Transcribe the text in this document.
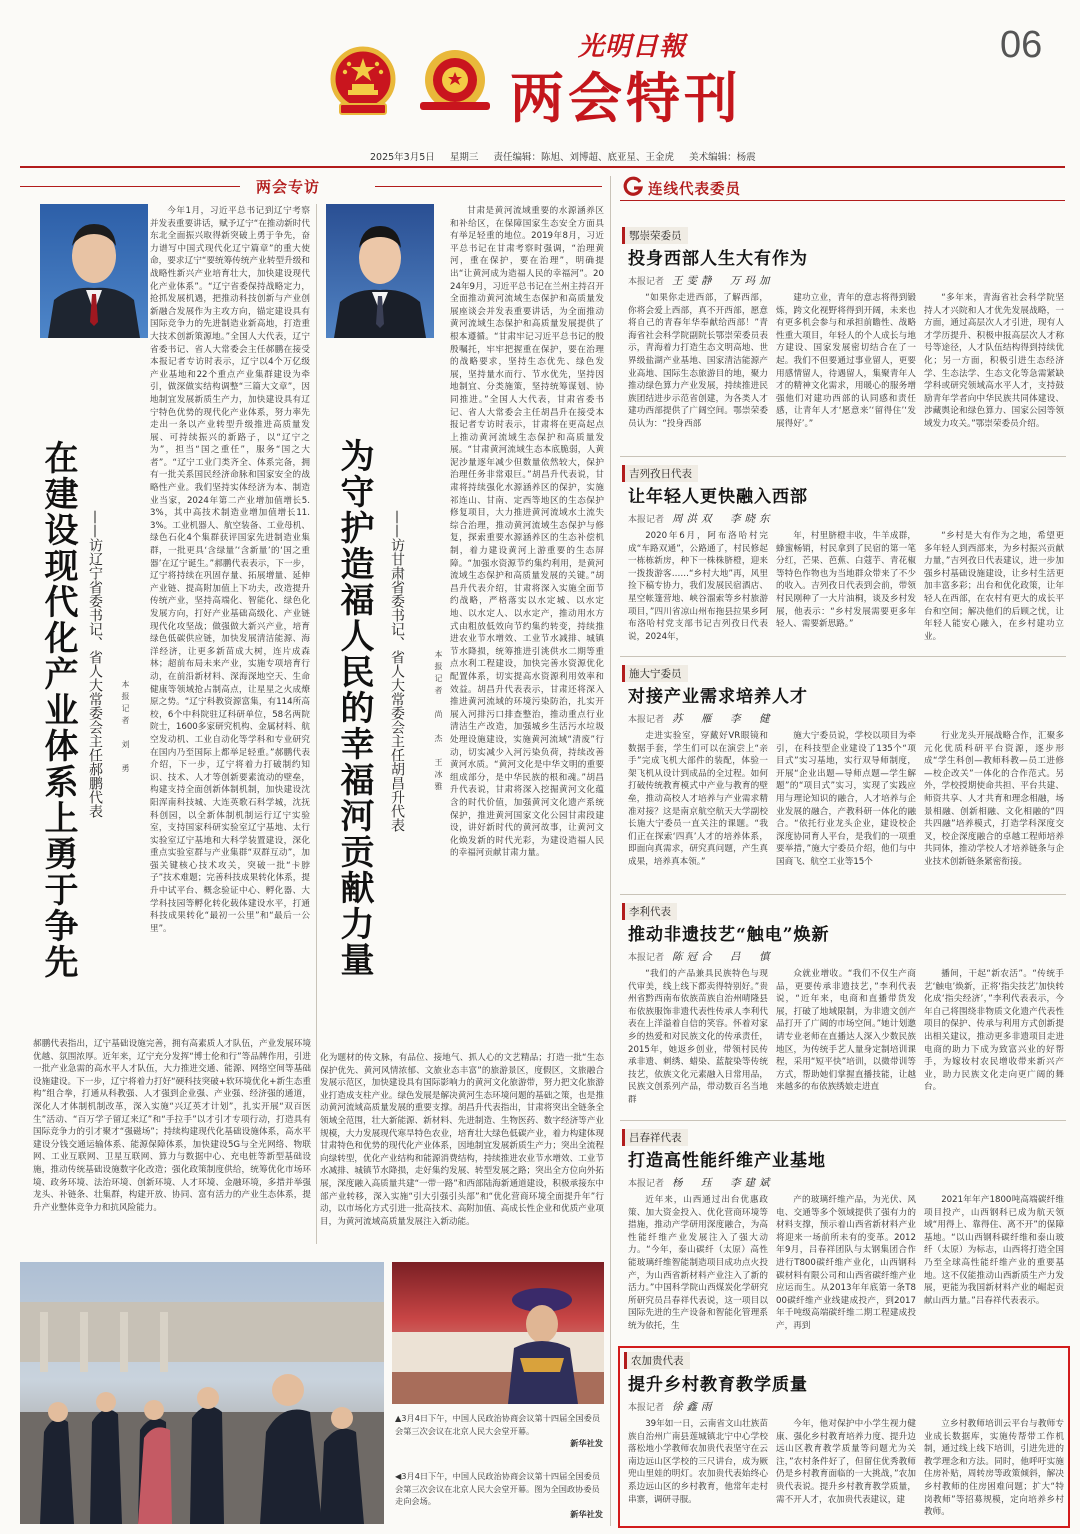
光明日報
两会特刊
06
2025年3月5日 星期三 责任编辑：陈旭、刘博超、底亚星、王金虎 美术编辑：杨震
两会专访
在建设现代化产业体系上勇于争先 ——访辽宁省委书记、省人大常委会主任郝鹏代表 本报记者　刘　勇
今年1月，习近平总书记到辽宁考察并发表重要讲话，赋予辽宁“在推动新时代东北全面振兴取得新突破上勇于争先，奋力谱写中国式现代化辽宁篇章”的重大使命，要求辽宁“要统筹传统产业转型升级和战略性新兴产业培育壮大，加快建设现代化产业体系”。“辽宁省委保持战略定力，抢抓发展机遇，把推动科技创新与产业创新融合发展作为主攻方向，锚定建设具有国际竞争力的先进制造业新高地，打造重大技术创新策源地。”全国人大代表，辽宁省委书记、省人大常委会主任郝鹏在接受本报记者专访时表示，辽宁以4个万亿级产业基地和22个重点产业集群建设为牵引，做深做实结构调整“三篇大文章”，因地制宜发展新质生产力，加快建设具有辽宁特色优势的现代化产业体系，努力率先走出一条以产业转型升级推进高质量发展、可持续振兴的新路子，以“辽宁之为”，担当“国之重任”，服务“国之大者”。“辽宁工业门类齐全、体系完备，拥有一批关系国民经济命脉和国家安全的战略性产业。我们坚持实体经济为本、制造业当家，2024年第二产业增加值增长5.3%，其中高技术制造业增加值增长11.3%。工业机器人、航空装备、工业母机、绿色石化4个集群获评国家先进制造业集群，一批更具‘含绿量’‘含新量’的‘国之重器’在辽宁诞生。”郝鹏代表表示，下一步，辽宁将持续在巩固存量、拓展增量、延伸产业链、提高附加值上下功夫，改造提升传统产业，坚持高端化、智能化、绿色化发展方向，打好产业基础高级化、产业链现代化攻坚战；做强做大新兴产业，培育绿色低碳供应链，加快发展清洁能源、海洋经济，让更多新苗成大树，连片成森林；超前布局未来产业，实施专项培育行动，在前沿新材料、深海深地空天、生命健康等领域抢占制高点，让星星之火成燎原之势。“辽宁科教资源富集，有114所高校，6个中科院驻辽科研单位，58名两院院士，1600多家研究机构、金属材料、航空发动机、工业自动化等学科和专业研究在国内乃至国际上都举足轻重。”郝鹏代表介绍，下一步，辽宁将着力打破制约知识、技术、人才等创新要素流动的壁垒，构建支持全面创新体制机制，加快建设沈阳浑南科技城、大连英歌石科学城，沈抚科创园，以全新体制机制运行辽宁实验室，支持国家科研实验室辽宁基地、太行实验室辽宁基地和大科学装置建设，深化重点实验室群与产业集群“双群互动”，加强关键核心技术攻关，突破一批“卡脖子”技术难题；完善科技成果转化体系，提升中试平台、概念验证中心、孵化器、大学科技园等孵化转化载体建设水平，打通科技成果转化“最初一公里”和“最后一公里”。
郝鹏代表指出，辽宁基础设施完善，拥有高素质人才队伍，产业发展环境优越、氛围浓厚。近年来，辽宁充分发挥“博士伦和行”等品牌作用，引进一批产业急需的高水平人才队伍，大力推进交通、能源、网络空间等基础设施建设。下一步，辽宁将着力打好“硬科技突破+软环境优化+新生态重构”组合拳，打通从科教强、人才强到企业强、产业强、经济强的通道，深化人才体制机制改革，深入实施“兴辽英才计划”，扎实开展“双百医生”活动、“百万学子留辽来辽”和“手拉手”以才引才专项行动，打造具有国际竞争力的引才聚才“强磁场”；持续构建现代化基础设施体系，高水平建设分钱交通运输体系、能源保障体系，加快建设5G与全光网络、物联网、工业互联网、卫星互联网、算力与数据中心、充电桩等新型基础设施，推动传统基础设施数字化改造；强化政策制度供给，统筹优化市场环境、政务环境、法治环境、创新环境、人才环境、金融环境，多措并举强龙头、补链条、壮集群，构建开放、协同、富有活力的产业生态体系，提升产业整体竞争力和抗风险能力。
为守护造福人民的幸福河贡献力量 ——访甘肃省委书记、省人大常委会主任胡昌升代表	本报记者　尚　杰　王冰雅
甘肃是黄河流域重要的水源涵养区和补给区，在保障国家生态安全方面具有举足轻重的地位。2019年8月，习近平总书记在甘肃考察时强调，“治理黄河，重在保护，要在治理”，明确提出“让黄河成为造福人民的幸福河”。2024年9月，习近平总书记在兰州主持召开全面推动黄河流域生态保护和高质量发展座谈会并发表重要讲话，为全面推动黄河流域生态保护和高质量发展提供了根本遵循。“甘肃牢记习近平总书记的殷殷嘱托，牢牢把握重在保护，要在治理的战略要求，坚持生态优先、绿色发展，坚持量水而行、节水优先，坚持因地制宜、分类施策，坚持统筹谋划、协同推进。”全国人大代表，甘肃省委书记、省人大常委会主任胡昌升在接受本报记者专访时表示，甘肃将在更高起点上推动黄河流域生态保护和高质量发展。“甘肃黄河流域生态本底脆弱，人黄泥沙量逐年减少但数量依然较大，保护治理任务非常艰巨。”胡昌升代表说，甘肃将持续强化水源涵养区的保护，实施祁连山、甘南、定西等地区的生态保护修复项目，大力推进黄河流域水土流失综合治理，推动黄河流域生态保护与修复，探索重要水源涵养区的生态补偿机制，着力建设黄河上游重要的生态屏障。“加强水资源节约集约利用，是黄河流域生态保护和高质量发展的关键。”胡昌升代表介绍，甘肃将深入实施全面节约战略，严格落实以水定城、以水定地、以水定人、以水定产，推动用水方式由粗放低效向节约集约转变，持续推进农业节水增效、工业节水减排、城镇节水降损，统筹推进引洮供水二期等重点水利工程建设，加快完善水资源优化配置体系，切实提高水资源利用效率和效益。胡昌升代表表示，甘肃还将深入推进黄河流域的环境污染防治，扎实开展入河排污口排查整治，推动重点行业清洁生产改造，加强城乡生活污水垃圾处理设施建设，实施黄河流域“清废”行动，切实减少入河污染负荷，持续改善黄河水质。“黄河文化是中华文明的重要组成部分，是中华民族的根和魂。”胡昌升代表说，甘肃将深入挖掘黄河文化蕴含的时代价值，加强黄河文化遗产系统保护，推进黄河国家文化公园甘肃段建设，讲好新时代的黄河故事，让黄河文化焕发新的时代光彩，为建设造福人民的幸福河贡献甘肃力量。
化为题材的传文脉，有品位、接地气、抓人心的文艺精品；打造一批“生态保护优先、黄河风情浓郁、文旅业态丰富”的旅游景区，度假区，文旅融合发展示范区，加快建设具有国际影响力的黄河文化旅游带，努力把文化旅游业打造成支柱产业。绿色发展是解决黄河生态环境问题的基础之策，也是推动黄河流域高质量发展的重要支撑。胡昌升代表指出，甘肃将突出全链条全领域全范围，壮大新能源、新材料、先进制造、生物医药、数字经济等产业规模，大力发展现代寒旱特色农业，培育壮大绿色低碳产业，着力构建体现甘肃特色和优势的现代化产业体系，因地制宜发展新质生产力；突出全流程向绿转型，优化产业结构和能源消费结构，持续推进农业节水增效、工业节水减排、城镇节水降损，走好集约发展、转型发展之路；突出全方位向外拓展，深度融入高质量共建“一带一路”和西部陆海新通道建设，积极承接东中部产业转移，深入实施“引大引强引头部”和“优化营商环境全面提升年”行动，以市场化方式引进一批高技术、高附加值、高成长性企业和优质产业项目，为黄河流域高质量发展注入新动能。
▲3月4日下午，中国人民政治协商会议第十四届全国委员会第三次会议在北京人民大会堂开幕。
新华社发
◀3月4日下午，中国人民政治协商会议第十四届全国委员会第三次会议在北京人民大会堂开幕。图为全国政协委员走向会场。
新华社发
连线代表委员
鄂崇荣委员
投身西部人生大有作为
本报记者 王雯静　万玛加
“如果你走进西部，了解西部，你将会爱上西部，真不开西部，愿意将自己的青春年华奉献给西部！”青海省社会科学院副院长鄂崇荣委员表示，青海着力打造生态文明高地、世界级盐湖产业基地、国家清洁能源产业高地、国际生态旅游目的地，聚力推动绿色算力产业发展，持续推进民族团结进步示范省创建，为各类人才建功西部提供了广阔空间。鄂崇荣委员认为：“投身西部
建功立业，青年的意志将得到锻炼，跨文化视野将得到开阔，未来也有更多机会参与和承担前瞻性、战略性重大项目，年轻人的个人成长与地方建设、国家发展密切结合在了一起。我们不但要通过事业留人，更要用感情留人，待遇留人，集聚青年人才的精神文化需求，用暖心的服务增强他们对建功西部的认同感和责任感，让青年人才‘愿意来’‘留得住’‘发展得好’。”
“多年来，青海省社会科学院坚持人才兴院和人才优先发展战略，一方面，通过高层次人才引进，现有人才学历提升、积极申报高层次人才称号等途径，人才队伍结构得到持续优化；另一方面，积极引进生态经济学、生态法学、生态文化等急需紧缺学科或研究领域高水平人才，支持鼓励青年学者向中华民族共同体建设、涉藏舆论和绿色算力、国家公园等领域发力攻关。”鄂崇荣委员介绍。
吉列孜日代表
让年轻人更快融入西部
本报记者 周洪双　李晓东
2020年6月，阿布洛哈村完成“车路双通”，公路通了，村民修起一栋栋新房，种下一株株脐橙，迎来一拨拨游客……“乡村大地”再，风里捡下稿专协力，我们发展民宿酒店、星空帐篷营地、峡谷溜索等乡村旅游项目，”四川省凉山州布拖县拉果乡阿布洛哈村党支部书记吉列孜日代表说，2024年，
年，村里脐橙丰收，牛羊成群，蜂蜜畅销，村民拿到了民宿的第一笔分红，芒果、芭蕉、白蔻芋、青花椒等特色作物也为当地群众带来了不少的收入。吉列孜日代表到会前，带领村民刚种了一大片油桐，谈及乡村发展，他表示：“乡村发展需要更多年轻人、需要新思路。”
“乡村是大有作为之地，希望更多年轻人到西部来，为乡村振兴贡献力量，”吉列孜日代表建议，进一步加强乡村基础设施建设，让乡村生活更加丰富多彩；出台和优化政策，让年轻人在西部，在农村有更大的成长平台和空间；解决他们的后顾之忧，让年轻人能安心融入，在乡村建功立业。
施大宁委员
对接产业需求培养人才
本报记者 苏　雁　李　健
走进实验室，穿戴好VR眼镜和数据手套，学生们可以在演尝上“亲手”完成飞机大部件的装配，体验一架飞机从设计到成品的全过程。如何打破传统教育模式中产业与教育的壁垒，推动高校人才培养与产业需求精准对接？这是南京航空航天大学副校长施大宁委员一直关注的课题。“我们正在探索‘四真’人才的培养体系，即面向真需求，研究真问题，产生真成果，培养真本领。”
施大宁委员说，学校以项目为牵引，在科技型企业建设了135个“项目式”实习基地，实行双导师制度，开展“企业出题—导师点题—学生解题”的“项目式”实习，实现了实践应用与理论知识的融合，人才培养与企业发展的融合，产教科研一体化的融合。“依托行业龙头企业，建设校企深度协同育人平台，是我们的一项重要举措，”施大宁委员介绍，他们与中国商飞、航空工业等15个
行业龙头开展战略合作，汇聚多元化优质科研平台资源，逐步形成“学生科创—教师科教—员工进修—校企改关”一体化的合作范式。另外，学校授期使命共担、平台共建、师资共享、人才共育和理念相融，场景相融、创新相融、文化相融的“四共四融”培养模式，打造学科深度交叉，校企深度融合的卓越工程师培养共同体，推动学校人才培养链条与企业技术创新链条紧密衔接。
李利代表
推动非遗技艺“触电”焕新
本报记者 陈冠合　吕　慎
“我们的产品兼具民族特色与现代审美，线上线下都卖得特别好。”贵州省黔西南布依族苗族自治州晴隆县布依族服饰非遗代表性传承人李利代表在上洋溢着自信的笑容。怀着对家乡的热爱和对民族文化的传承责任，2015年，她返乡创业，带领村民传承非遗、刺绣、蜡染、蓝靛染等传统技艺，依族文化元素融入日常用品，民族文创系列产品，带动数百名当地群
众就业增收。“我们不仅生产商品，更要传承非遗技艺，”李利代表说，“近年来，电商和直播带货发展，打破了地域限制，为非遗文创产品打开了广阔的市场空间。”她计划邀请专业老师在直播达人深入少数民族地区，为传统手艺人量身定制培训课程，采用“短平快”培训，以微带训等方式，帮助她们掌握直播技能，让越来越多的布依族绣娘走进直
播间，干起“新农活”。“传统手艺‘触电’焕新，正将‘指尖技艺’加快转化成‘指尖经济’，”李利代表表示，今年自己将围绕非物质文化遗产代表性项目的保护、传承与利用方式创新提出相关建议，推动更多非遗项目走进电商的助力下成为致富兴业的好帮手，为嫁妆村农民增收带来新兴产业，助力民族文化走向更广阔的舞台。
吕春祥代表
打造高性能纤维产业基地
本报记者 杨　珏　李建斌
近年来，山西通过出台优惠政策、加大资金投入、优化营商环境等措施，推动产学研用深度融合，为高性能纤维产业发展注入了强大动力。“今年，泰山碳纤（太原）高性能玻璃纤维智能制造项目成功点火投产，为山西省新材料产业注入了新的活力。”中国科学院山西煤炭化学研究所研究员吕春祥代表说，这一项目以国际先进的生产设备和智能化管理系统为依托，生
产的玻璃纤维产品，为光伏、风电、交通等多个领域提供了强有力的材料支撑，预示着山西省新材料产业将迎来一场前所未有的变革。2012年9月，吕春祥团队与太钢集团合作进行T800碳纤维产业化，山西钢科碳材料有限公司和山西省碳纤维产业应运而生。从2013年年底第一条T800碳纤维产业线建成投产，到2017年千吨级高端碳纤维二期工程建成投产，再到
2021年年产1800吨高端碳纤维项目投产，山西钢科已成为航天领域“用得上、靠得住、离不开”的保障基地。“以山西钢科碳纤维和泰山玻纤（太原）为标志，山西将打造全国乃至全球高性能纤维产业的重要基地。这不仅能推动山西新质生产力发展，更能为我国新材料产业的崛起贡献山西力量。”吕春祥代表表示。
农加贵代表
提升乡村教育教学质量
本报记者 徐鑫雨
39年如一日，云南省文山壮族苗族自治州广南县莲城镇北宁中心学校落松地小学教师农加贵代表坚守在云南边远山区学校的三尺讲台，成为厥兜山里娃的明灯。农加贵代表始终心系边远山区的乡村教育，他常年走村串寨，调研寻服。
今年，他对保护中小学生视力健康、强化乡村教育培养力度、提升边远山区教育教学质量等问题尤为关注，”农村条件好了，但留住优秀教师仍是乡村教育面临的一大挑战，”农加贵代表说。提升乡村教育教学质量，需不开人才，农加贵代表建议，建
立乡村教师培训云平台与教师专业成长数据库，实施传帮带工作机制，通过线上线下培训，引进先进的教学理念和方法。同时，他呼吁实施住房补贴，周转房等政策倾斜，解决乡村教师的住房困难问题；扩大“特岗教师”等招募规模，定向培养乡村教师。
